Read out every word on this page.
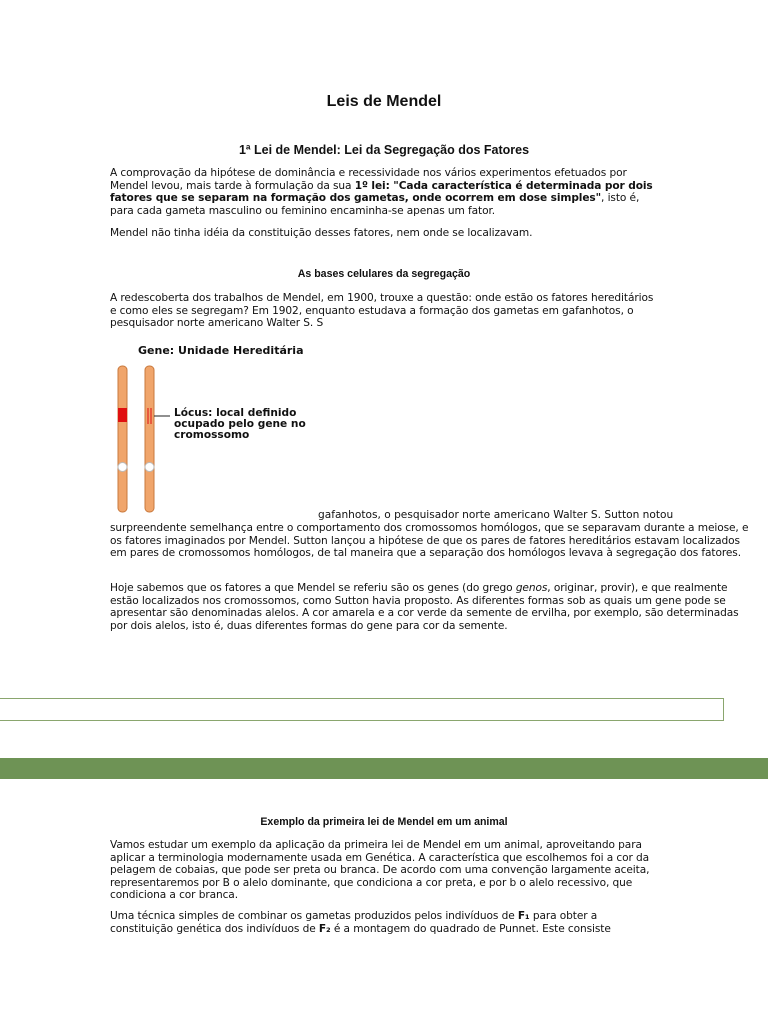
Leis de Mendel
1ª Lei de Mendel: Lei da Segregação dos Fatores

A comprovação da hipótese de dominância e recessividade nos vários experimentos efetuados por Mendel levou, mais tarde à formulação da sua 1º lei: "Cada característica é determinada por dois fatores que se separam na formação dos gametas, onde ocorrem em dose simples", isto é, para cada gameta masculino ou feminino encaminha-se apenas um fator.

Mendel não tinha idéia da constituição desses fatores, nem onde se localizavam.
As bases celulares da segregação
A redescoberta dos trabalhos de Mendel, em 1900, trouxe a questão: onde estão os fatores hereditários e como eles se segregam? Em 1902, enquanto estudava a formação dos gametas em gafanhotos, o pesquisador norte americano Walter S. S
Gene: Unidade Hereditária
Lócus: local definido ocupado pelo gene no cromossomo
gafanhotos, o pesquisador norte americano Walter S. Sutton notou
surpreendente semelhança entre o comportamento dos cromossomos homólogos, que se separavam durante a meiose, e os fatores imaginados por Mendel. Sutton lançou a hipótese de que os pares de fatores hereditários estavam localizados em pares de cromossomos homólogos, de tal maneira que a separação dos homólogos levava à segregação dos fatores.

Hoje sabemos que os fatores a que Mendel se referiu são os genes (do grego genos, originar, provir), e que realmente estão localizados nos cromossomos, como Sutton havia proposto. As diferentes formas sob as quais um gene pode se apresentar são denominadas alelos. A cor amarela e a cor verde da semente de ervilha, por exemplo, são determinadas por dois alelos, isto é, duas diferentes formas do gene para cor da semente.

Exemplo da primeira lei de Mendel em um animal
Vamos estudar um exemplo da aplicação da primeira lei de Mendel em um animal, aproveitando para aplicar a terminologia modernamente usada em Genética. A característica que escolhemos foi a cor da pelagem de cobaias, que pode ser preta ou branca. De acordo com uma convenção largamente aceita, representaremos por B o alelo dominante, que condiciona a cor preta, e por b o alelo recessivo, que condiciona a cor branca.

Uma técnica simples de combinar os gametas produzidos pelos indivíduos de F₁ para obter a constituição genética dos indivíduos de F₂ é a montagem do quadrado de Punnet. Este consiste
